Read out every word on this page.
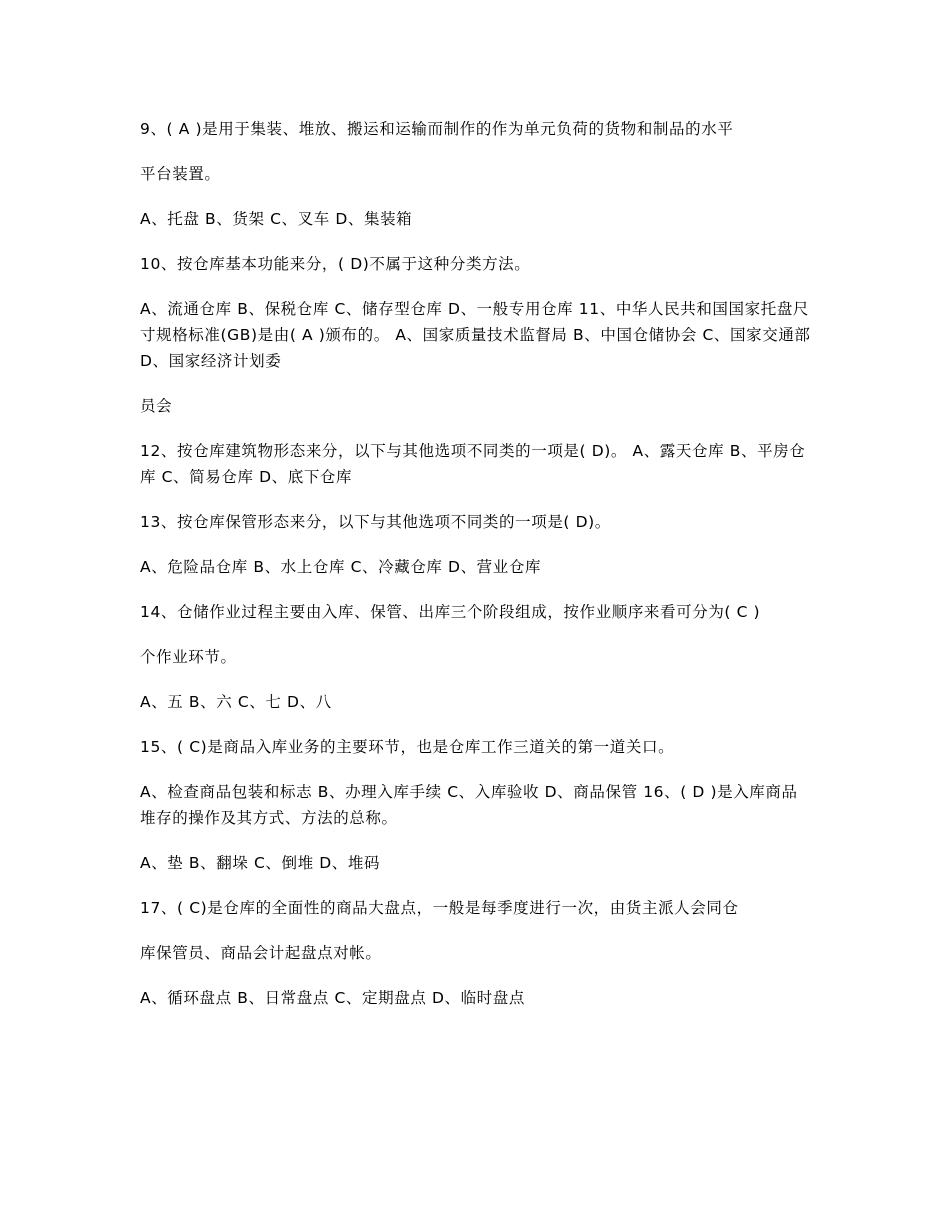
9、( A )是用于集装、堆放、搬运和运输而制作的作为单元负荷的货物和制品的水平

平台装置。

A、托盘 B、货架 C、叉车 D、集装箱

10、按仓库基本功能来分，( D)不属于这种分类方法。

A、流通仓库 B、保税仓库 C、储存型仓库 D、一般专用仓库 11、中华人民共和国国家托盘尺寸规格标准(GB)是由( A )颁布的。 A、国家质量技术监督局 B、中国仓储协会 C、国家交通部 D、国家经济计划委

员会

12、按仓库建筑物形态来分，以下与其他选项不同类的一项是( D)。 A、露天仓库 B、平房仓库 C、简易仓库 D、底下仓库

13、按仓库保管形态来分，以下与其他选项不同类的一项是( D)。

A、危险品仓库 B、水上仓库 C、冷藏仓库 D、营业仓库

14、仓储作业过程主要由入库、保管、出库三个阶段组成，按作业顺序来看可分为( C )

个作业环节。

A、五 B、六 C、七 D、八

15、( C)是商品入库业务的主要环节，也是仓库工作三道关的第一道关口。

A、检查商品包装和标志 B、办理入库手续 C、入库验收 D、商品保管 16、( D )是入库商品堆存的操作及其方式、方法的总称。

A、垫 B、翻垛 C、倒堆 D、堆码

17、( C)是仓库的全面性的商品大盘点，一般是每季度进行一次，由货主派人会同仓

库保管员、商品会计起盘点对帐。

A、循环盘点 B、日常盘点 C、定期盘点 D、临时盘点
